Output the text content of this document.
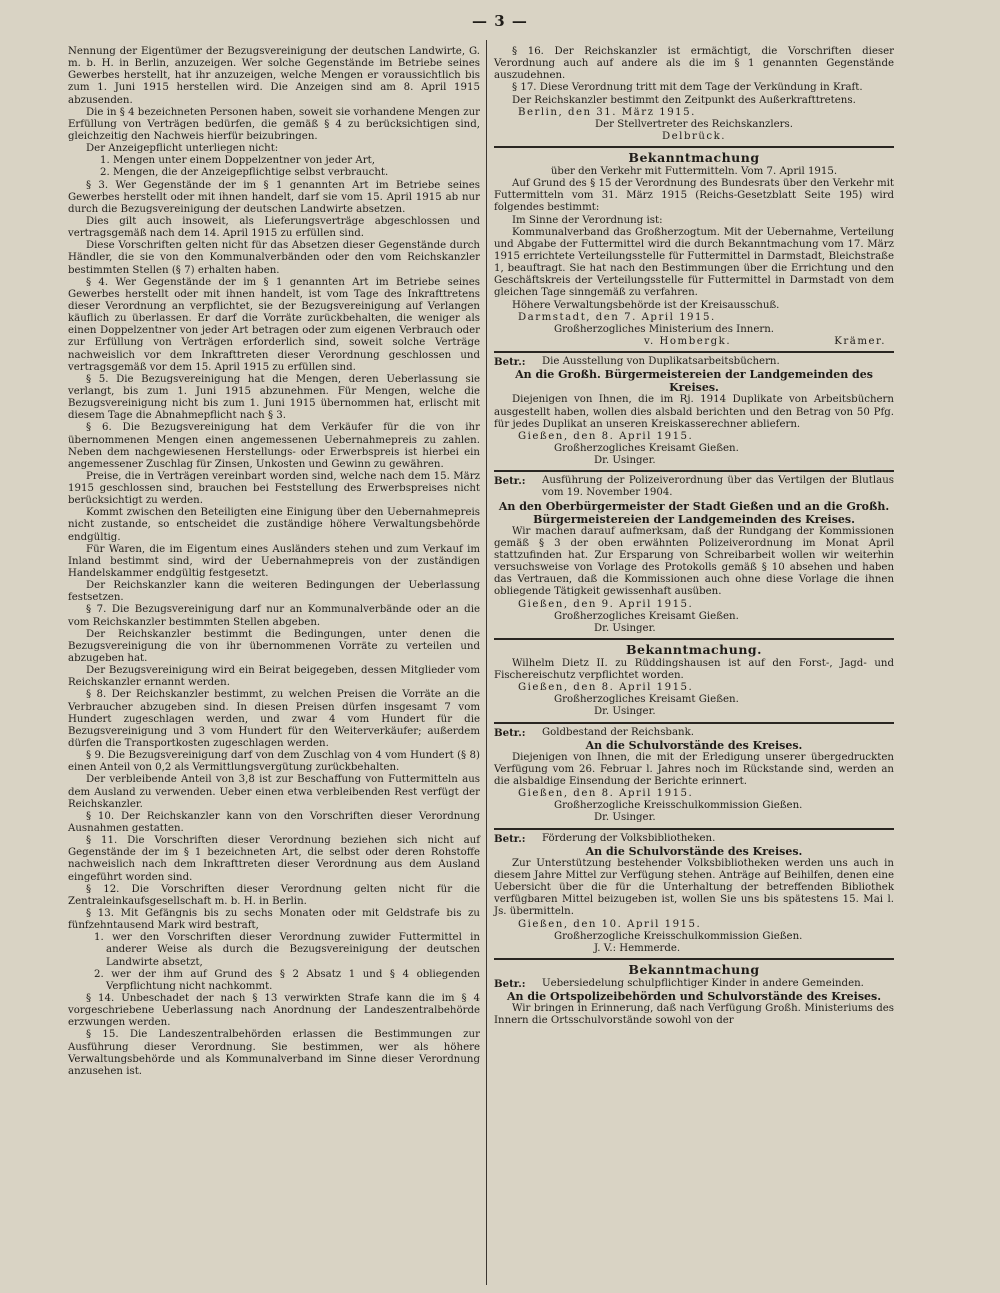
— 3 —

Nennung der Eigentümer der Bezugsvereinigung der deutschen Landwirte, G. m. b. H. in Berlin, anzuzeigen. Wer solche Gegenstände im Betriebe seines Gewerbes herstellt, hat ihr anzuzeigen, welche Mengen er voraussichtlich bis zum 1. Juni 1915 herstellen wird. Die Anzeigen sind am 8. April 1915 abzusenden.

Die in § 4 bezeichneten Personen haben, soweit sie vorhandene Mengen zur Erfüllung von Verträgen bedürfen, die gemäß § 4 zu berücksichtigen sind, gleichzeitig den Nachweis hierfür beizubringen.

Der Anzeigepflicht unterliegen nicht:

1. Mengen unter einem Doppelzentner von jeder Art,

2. Mengen, die der Anzeigepflichtige selbst verbraucht.

§ 3. Wer Gegenstände der im § 1 genannten Art im Betriebe seines Gewerbes herstellt oder mit ihnen handelt, darf sie vom 15. April 1915 ab nur durch die Bezugsvereinigung der deutschen Landwirte absetzen.

Dies gilt auch insoweit, als Lieferungsverträge abgeschlossen und vertragsgemäß nach dem 14. April 1915 zu erfüllen sind.

Diese Vorschriften gelten nicht für das Absetzen dieser Gegenstände durch Händler, die sie von den Kommunalverbänden oder den vom Reichskanzler bestimmten Stellen (§ 7) erhalten haben.

§ 4. Wer Gegenstände der im § 1 genannten Art im Betriebe seines Gewerbes herstellt oder mit ihnen handelt, ist vom Tage des Inkrafttretens dieser Verordnung an verpflichtet, sie der Bezugsvereinigung auf Verlangen käuflich zu überlassen. Er darf die Vorräte zurückbehalten, die weniger als einen Doppelzentner von jeder Art betragen oder zum eigenen Verbrauch oder zur Erfüllung von Verträgen erforderlich sind, soweit solche Verträge nachweislich vor dem Inkrafttreten dieser Verordnung geschlossen und vertragsgemäß vor dem 15. April 1915 zu erfüllen sind.

§ 5. Die Bezugsvereinigung hat die Mengen, deren Ueberlassung sie verlangt, bis zum 1. Juni 1915 abzunehmen. Für Mengen, welche die Bezugsvereinigung nicht bis zum 1. Juni 1915 übernommen hat, erlischt mit diesem Tage die Abnahmepflicht nach § 3.

§ 6. Die Bezugsvereinigung hat dem Verkäufer für die von ihr übernommenen Mengen einen angemessenen Uebernahmepreis zu zahlen. Neben dem nachgewiesenen Herstellungs- oder Erwerbspreis ist hierbei ein angemessener Zuschlag für Zinsen, Unkosten und Gewinn zu gewähren.

Preise, die in Verträgen vereinbart worden sind, welche nach dem 15. März 1915 geschlossen sind, brauchen bei Feststellung des Erwerbspreises nicht berücksichtigt zu werden.

Kommt zwischen den Beteiligten eine Einigung über den Uebernahmepreis nicht zustande, so entscheidet die zuständige höhere Verwaltungsbehörde endgültig.

Für Waren, die im Eigentum eines Ausländers stehen und zum Verkauf im Inland bestimmt sind, wird der Uebernahmepreis von der zuständigen Handelskammer endgültig festgesetzt.

Der Reichskanzler kann die weiteren Bedingungen der Ueberlassung festsetzen.

§ 7. Die Bezugsvereinigung darf nur an Kommunalverbände oder an die vom Reichskanzler bestimmten Stellen abgeben.

Der Reichskanzler bestimmt die Bedingungen, unter denen die Bezugsvereinigung die von ihr übernommenen Vorräte zu verteilen und abzugeben hat.

Der Bezugsvereinigung wird ein Beirat beigegeben, dessen Mitglieder vom Reichskanzler ernannt werden.

§ 8. Der Reichskanzler bestimmt, zu welchen Preisen die Vorräte an die Verbraucher abzugeben sind. In diesen Preisen dürfen insgesamt 7 vom Hundert zugeschlagen werden, und zwar 4 vom Hundert für die Bezugsvereinigung und 3 vom Hundert für den Weiterverkäufer; außerdem dürfen die Transportkosten zugeschlagen werden.

§ 9. Die Bezugsvereinigung darf von dem Zuschlag von 4 vom Hundert (§ 8) einen Anteil von 0,2 als Vermittlungsvergütung zurückbehalten.

Der verbleibende Anteil von 3,8 ist zur Beschaffung von Futtermitteln aus dem Ausland zu verwenden. Ueber einen etwa verbleibenden Rest verfügt der Reichskanzler.

§ 10. Der Reichskanzler kann von den Vorschriften dieser Verordnung Ausnahmen gestatten.

§ 11. Die Vorschriften dieser Verordnung beziehen sich nicht auf Gegenstände der im § 1 bezeichneten Art, die selbst oder deren Rohstoffe nachweislich nach dem Inkrafttreten dieser Verordnung aus dem Ausland eingeführt worden sind.

§ 12. Die Vorschriften dieser Verordnung gelten nicht für die Zentraleinkaufsgesellschaft m. b. H. in Berlin.

§ 13. Mit Gefängnis bis zu sechs Monaten oder mit Geldstrafe bis zu fünfzehntausend Mark wird bestraft,

1. wer den Vorschriften dieser Verordnung zuwider Futtermittel in anderer Weise als durch die Bezugsvereinigung der deutschen Landwirte absetzt,

2. wer der ihm auf Grund des § 2 Absatz 1 und § 4 obliegenden Verpflichtung nicht nachkommt.

§ 14. Unbeschadet der nach § 13 verwirkten Strafe kann die im § 4 vorgeschriebene Ueberlassung nach Anordnung der Landeszentralbehörde erzwungen werden.

§ 15. Die Landeszentralbehörden erlassen die Bestimmungen zur Ausführung dieser Verordnung. Sie bestimmen, wer als höhere Verwaltungsbehörde und als Kommunalverband im Sinne dieser Verordnung anzusehen ist.

§ 16. Der Reichskanzler ist ermächtigt, die Vorschriften dieser Verordnung auch auf andere als die im § 1 genannten Gegenstände auszudehnen.

§ 17. Diese Verordnung tritt mit dem Tage der Verkündung in Kraft.

Der Reichskanzler bestimmt den Zeitpunkt des Außerkrafttretens.

Berlin, den 31. März 1915.

Der Stellvertreter des Reichskanzlers.

Delbrück.

Bekanntmachung

über den Verkehr mit Futtermitteln. Vom 7. April 1915.

Auf Grund des § 15 der Verordnung des Bundesrats über den Verkehr mit Futtermitteln vom 31. März 1915 (Reichs-Gesetzblatt Seite 195) wird folgendes bestimmt:

Im Sinne der Verordnung ist:

Kommunalverband das Großherzogtum. Mit der Uebernahme, Verteilung und Abgabe der Futtermittel wird die durch Bekanntmachung vom 17. März 1915 errichtete Verteilungsstelle für Futtermittel in Darmstadt, Bleichstraße 1, beauftragt. Sie hat nach den Bestimmungen über die Errichtung und den Geschäftskreis der Verteilungsstelle für Futtermittel in Darmstadt von dem gleichen Tage sinngemäß zu verfahren.

Höhere Verwaltungsbehörde ist der Kreisausschuß.

Darmstadt, den 7. April 1915.

Großherzogliches Ministerium des Innern.

v. Hombergk.	Krämer.

Betr.: Die Ausstellung von Duplikatsarbeitsbüchern.

An die Großh. Bürgermeistereien der Landgemeinden des Kreises.

Diejenigen von Ihnen, die im Rj. 1914 Duplikate von Arbeitsbüchern ausgestellt haben, wollen dies alsbald berichten und den Betrag von 50 Pfg. für jedes Duplikat an unseren Kreiskasserechner abliefern.

Gießen, den 8. April 1915.

Großherzogliches Kreisamt Gießen.

Dr. Usinger.

Betr.: Ausführung der Polizeiverordnung über das Vertilgen der Blutlaus vom 19. November 1904.

An den Oberbürgermeister der Stadt Gießen und an die Großh. Bürgermeistereien der Landgemeinden des Kreises.

Wir machen darauf aufmerksam, daß der Rundgang der Kommissionen gemäß § 3 der oben erwähnten Polizeiverordnung im Monat April stattzufinden hat. Zur Ersparung von Schreibarbeit wollen wir weiterhin versuchsweise von Vorlage des Protokolls gemäß § 10 absehen und haben das Vertrauen, daß die Kommissionen auch ohne diese Vorlage die ihnen obliegende Tätigkeit gewissenhaft ausüben.

Gießen, den 9. April 1915.

Großherzogliches Kreisamt Gießen.

Dr. Usinger.

Bekanntmachung.

Wilhelm Dietz II. zu Rüddingshausen ist auf den Forst-, Jagd- und Fischereischutz verpflichtet worden.

Gießen, den 8. April 1915.

Großherzogliches Kreisamt Gießen.

Dr. Usinger.

Betr.: Goldbestand der Reichsbank.

An die Schulvorstände des Kreises.

Diejenigen von Ihnen, die mit der Erledigung unserer übergedruckten Verfügung vom 26. Februar l. Jahres noch im Rückstande sind, werden an die alsbaldige Einsendung der Berichte erinnert.

Gießen, den 8. April 1915.

Großherzogliche Kreisschulkommission Gießen.

Dr. Usinger.

Betr.: Förderung der Volksbibliotheken.

An die Schulvorstände des Kreises.

Zur Unterstützung bestehender Volksbibliotheken werden uns auch in diesem Jahre Mittel zur Verfügung stehen. Anträge auf Beihilfen, denen eine Uebersicht über die für die Unterhaltung der betreffenden Bibliothek verfügbaren Mittel beizugeben ist, wollen Sie uns bis spätestens 15. Mai l. Js. übermitteln.

Gießen, den 10. April 1915.

Großherzogliche Kreisschulkommission Gießen.

J. V.: Hemmerde.

Bekanntmachung

Betr.: Uebersiedelung schulpflichtiger Kinder in andere Gemeinden.

An die Ortspolizeibehörden und Schulvorstände des Kreises.

Wir bringen in Erinnerung, daß nach Verfügung Großh. Ministeriums des Innern die Ortsschulvorstände sowohl von der
